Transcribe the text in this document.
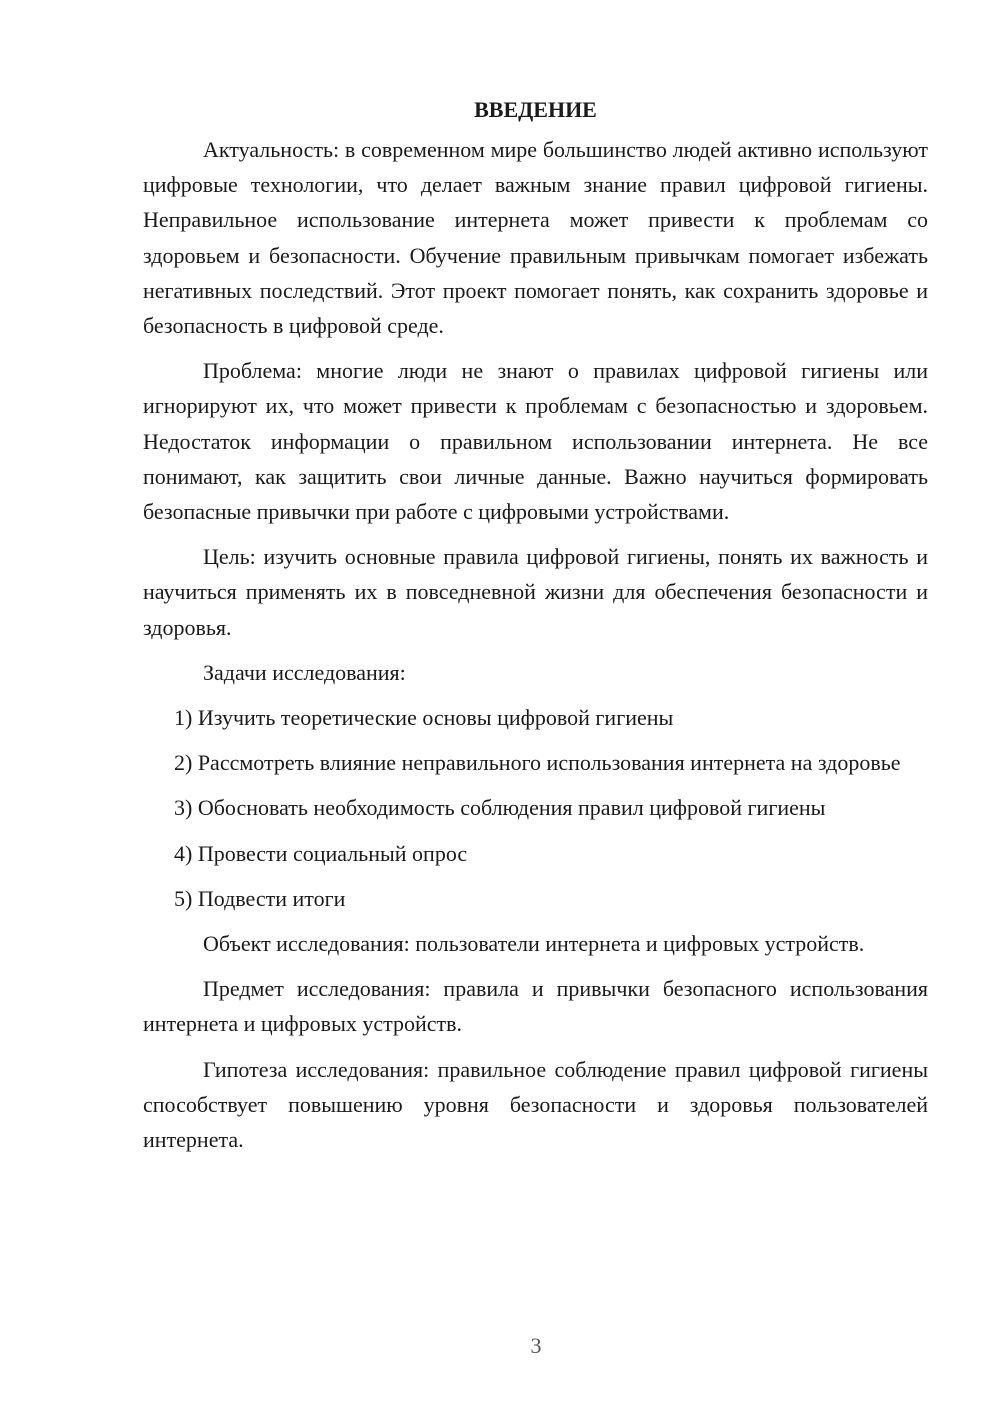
ВВЕДЕНИЕ

Актуальность: в современном мире большинство людей активно используют цифровые технологии, что делает важным знание правил цифровой гигиены. Неправильное использование интернета может привести к проблемам со здоровьем и безопасности. Обучение правильным привычкам помогает избежать негативных последствий. Этот проект помогает понять, как сохранить здоровье и безопасность в цифровой среде.

Проблема: многие люди не знают о правилах цифровой гигиены или игнорируют их, что может привести к проблемам с безопасностью и здоровьем. Недостаток информации о правильном использовании интернета. Не все понимают, как защитить свои личные данные. Важно научиться формировать безопасные привычки при работе с цифровыми устройствами.

Цель: изучить основные правила цифровой гигиены, понять их важность и научиться применять их в повседневной жизни для обеспечения безопасности и здоровья.

Задачи исследования:

1) Изучить теоретические основы цифровой гигиены

2) Рассмотреть влияние неправильного использования интернета на здоровье

3) Обосновать необходимость соблюдения правил цифровой гигиены

4) Провести социальный опрос

5) Подвести итоги

Объект исследования: пользователи интернета и цифровых устройств.

Предмет исследования: правила и привычки безопасного использования интернета и цифровых устройств.

Гипотеза исследования: правильное соблюдение правил цифровой гигиены способствует повышению уровня безопасности и здоровья пользователей интернета.

3
